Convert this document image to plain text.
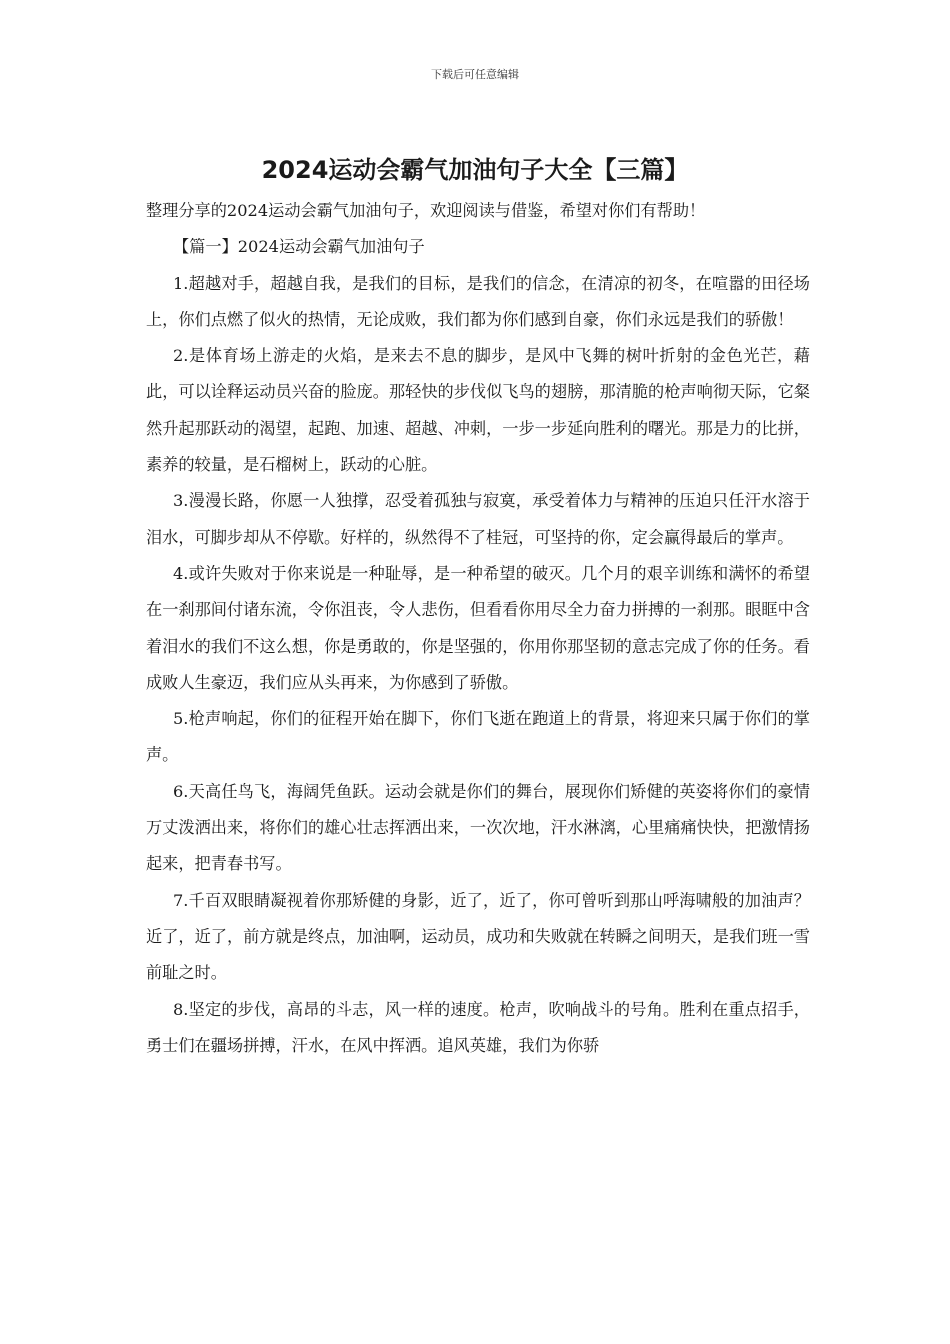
下载后可任意编辑
2024运动会霸气加油句子大全【三篇】

整理分享的2024运动会霸气加油句子，欢迎阅读与借鉴，希望对你们有帮助！

【篇一】2024运动会霸气加油句子

1.超越对手，超越自我，是我们的目标，是我们的信念，在清凉的初冬，在喧嚣的田径场上，你们点燃了似火的热情，无论成败，我们都为你们感到自豪，你们永远是我们的骄傲！

2.是体育场上游走的火焰，是来去不息的脚步，是风中飞舞的树叶折射的金色光芒，藉此，可以诠释运动员兴奋的脸庞。那轻快的步伐似飞鸟的翅膀，那清脆的枪声响彻天际，它粲然升起那跃动的渴望，起跑、加速、超越、冲刺，一步一步延向胜利的曙光。那是力的比拼，素养的较量，是石榴树上，跃动的心脏。

3.漫漫长路，你愿一人独撑，忍受着孤独与寂寞，承受着体力与精神的压迫只任汗水溶于泪水，可脚步却从不停歇。好样的，纵然得不了桂冠，可坚持的你，定会赢得最后的掌声。

4.或许失败对于你来说是一种耻辱，是一种希望的破灭。几个月的艰辛训练和满怀的希望在一刹那间付诸东流，令你沮丧，令人悲伤，但看看你用尽全力奋力拼搏的一刹那。眼眶中含着泪水的我们不这么想，你是勇敢的，你是坚强的，你用你那坚韧的意志完成了你的任务。看成败人生豪迈，我们应从头再来，为你感到了骄傲。

5.枪声响起，你们的征程开始在脚下，你们飞逝在跑道上的背景，将迎来只属于你们的掌声。

6.天高任鸟飞，海阔凭鱼跃。运动会就是你们的舞台，展现你们矫健的英姿将你们的豪情万丈泼洒出来，将你们的雄心壮志挥洒出来，一次次地，汗水淋漓，心里痛痛快快，把激情扬起来，把青春书写。

7.千百双眼睛凝视着你那矫健的身影，近了，近了，你可曾听到那山呼海啸般的加油声？近了，近了，前方就是终点，加油啊，运动员，成功和失败就在转瞬之间明天，是我们班一雪前耻之时。

8.坚定的步伐，高昂的斗志，风一样的速度。枪声，吹响战斗的号角。胜利在重点招手，勇士们在疆场拼搏，汗水，在风中挥洒。追风英雄，我们为你骄
